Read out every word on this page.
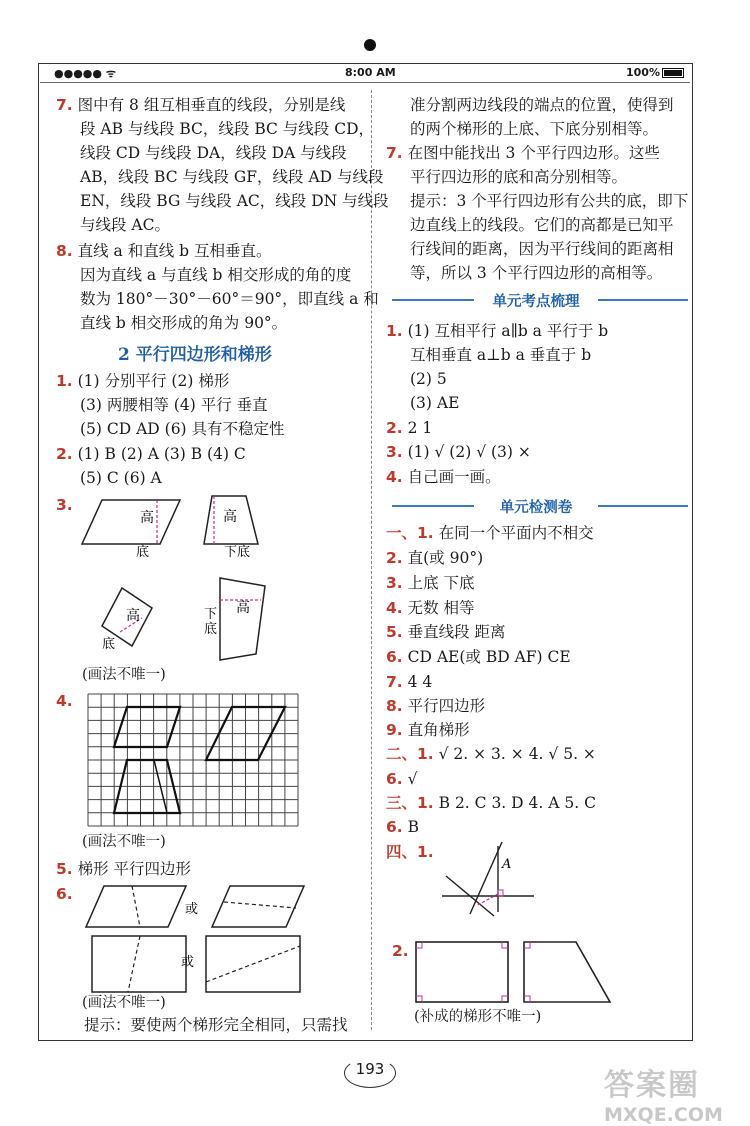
●●●●● ᯤ	8:00 AM	100%
7. 图中有 8 组互相垂直的线段，分别是线
段 AB 与线段 BC，线段 BC 与线段 CD，
线段 CD 与线段 DA，线段 DA 与线段
AB，线段 BC 与线段 GF，线段 AD 与线段
EN，线段 BG 与线段 AC，线段 DN 与线段
与线段 AC。
8. 直线 a 和直线 b 互相垂直。
因为直线 a 与直线 b 相交形成的角的度
数为 180°－30°－60°＝90°，即直线 a 和
直线 b 相交形成的角为 90°。
2 平行四边形和梯形
1. (1) 分别平行 (2) 梯形
(3) 两腰相等 (4) 平行 垂直
(5) CD AD (6) 具有不稳定性
2. (1) B (2) A (3) B (4) C
(5) C (6) A
3.
高
底
高
下底
高
底
高
下
底
(画法不唯一)
4.
(画法不唯一)
5. 梯形 平行四边形
6.
或
或
(画法不唯一)
提示：要使两个梯形完全相同，只需找
准分割两边线段的端点的位置，使得到
的两个梯形的上底、下底分别相等。
7. 在图中能找出 3 个平行四边形。这些
平行四边形的底和高分别相等。
提示：3 个平行四边形有公共的底，即下
边直线上的线段。它们的高都是已知平
行线间的距离，因为平行线间的距离相
等，所以 3 个平行四边形的高相等。
单元考点梳理
1. (1) 互相平行 a∥b a 平行于 b
互相垂直 a⊥b a 垂直于 b
(2) 5
(3) AE
2. 2 1
3. (1) √ (2) √ (3) ×
4. 自己画一画。
单元检测卷
一、1. 在同一个平面内不相交
2. 直(或 90°)
3. 上底 下底
4. 无数 相等
5. 垂直线段 距离
6. CD AE(或 BD AF) CE
7. 4 4
8. 平行四边形
9. 直角梯形
二、1. √ 2. × 3. × 4. √ 5. ×
6. √
三、1. B 2. C 3. D 4. A 5. C
6. B
四、1.
A
2.
(补成的梯形不唯一)
193	答案圈
MXQE.COM
